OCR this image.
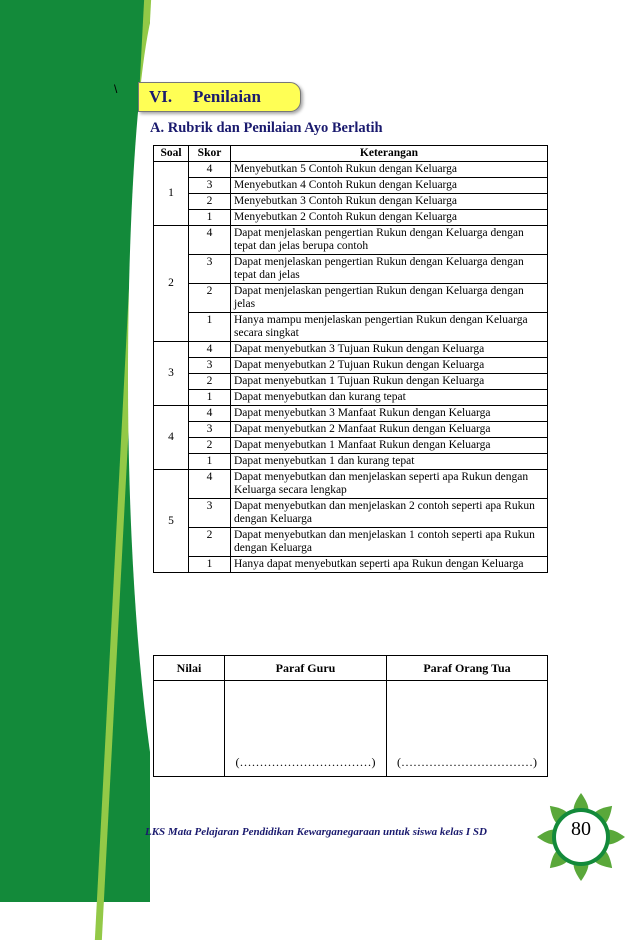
\ VI.	Penilaian
A. Rubrik dan Penilaian Ayo Berlatih
Soal	Skor	Keterangan
1	4	Menyebutkan 5 Contoh Rukun dengan Keluarga
	3	Menyebutkan 4 Contoh Rukun dengan Keluarga
	2	Menyebutkan 3 Contoh Rukun dengan Keluarga
	1	Menyebutkan 2 Contoh Rukun dengan Keluarga
2	4	Dapat menjelaskan pengertian Rukun dengan Keluarga dengan tepat dan jelas berupa contoh
	3	Dapat menjelaskan pengertian Rukun dengan Keluarga dengan tepat dan jelas
	2	Dapat menjelaskan pengertian Rukun dengan Keluarga dengan jelas
	1	Hanya mampu menjelaskan pengertian Rukun dengan Keluarga secara singkat
3	4	Dapat menyebutkan 3 Tujuan Rukun dengan Keluarga
	3	Dapat menyebutkan 2 Tujuan Rukun dengan Keluarga
	2	Dapat menyebutkan 1 Tujuan Rukun dengan Keluarga
	1	Dapat menyebutkan dan kurang tepat
4	4	Dapat menyebutkan 3 Manfaat Rukun dengan Keluarga
	3	Dapat menyebutkan 2 Manfaat Rukun dengan Keluarga
	2	Dapat menyebutkan 1 Manfaat Rukun dengan Keluarga
	1	Dapat menyebutkan 1 dan kurang tepat
5	4	Dapat menyebutkan dan menjelaskan seperti apa Rukun dengan Keluarga secara lengkap
	3	Dapat menyebutkan dan menjelaskan 2 contoh seperti apa Rukun dengan Keluarga
	2	Dapat menyebutkan dan menjelaskan 1 contoh seperti apa Rukun dengan Keluarga
	1	Hanya dapat menyebutkan seperti apa Rukun dengan Keluarga
Nilai	Paraf Guru	Paraf Orang Tua
	(……………………………)	(……………………………)
LKS Mata Pelajaran Pendidikan Kewarganegaraan untuk siswa kelas I SD	80
